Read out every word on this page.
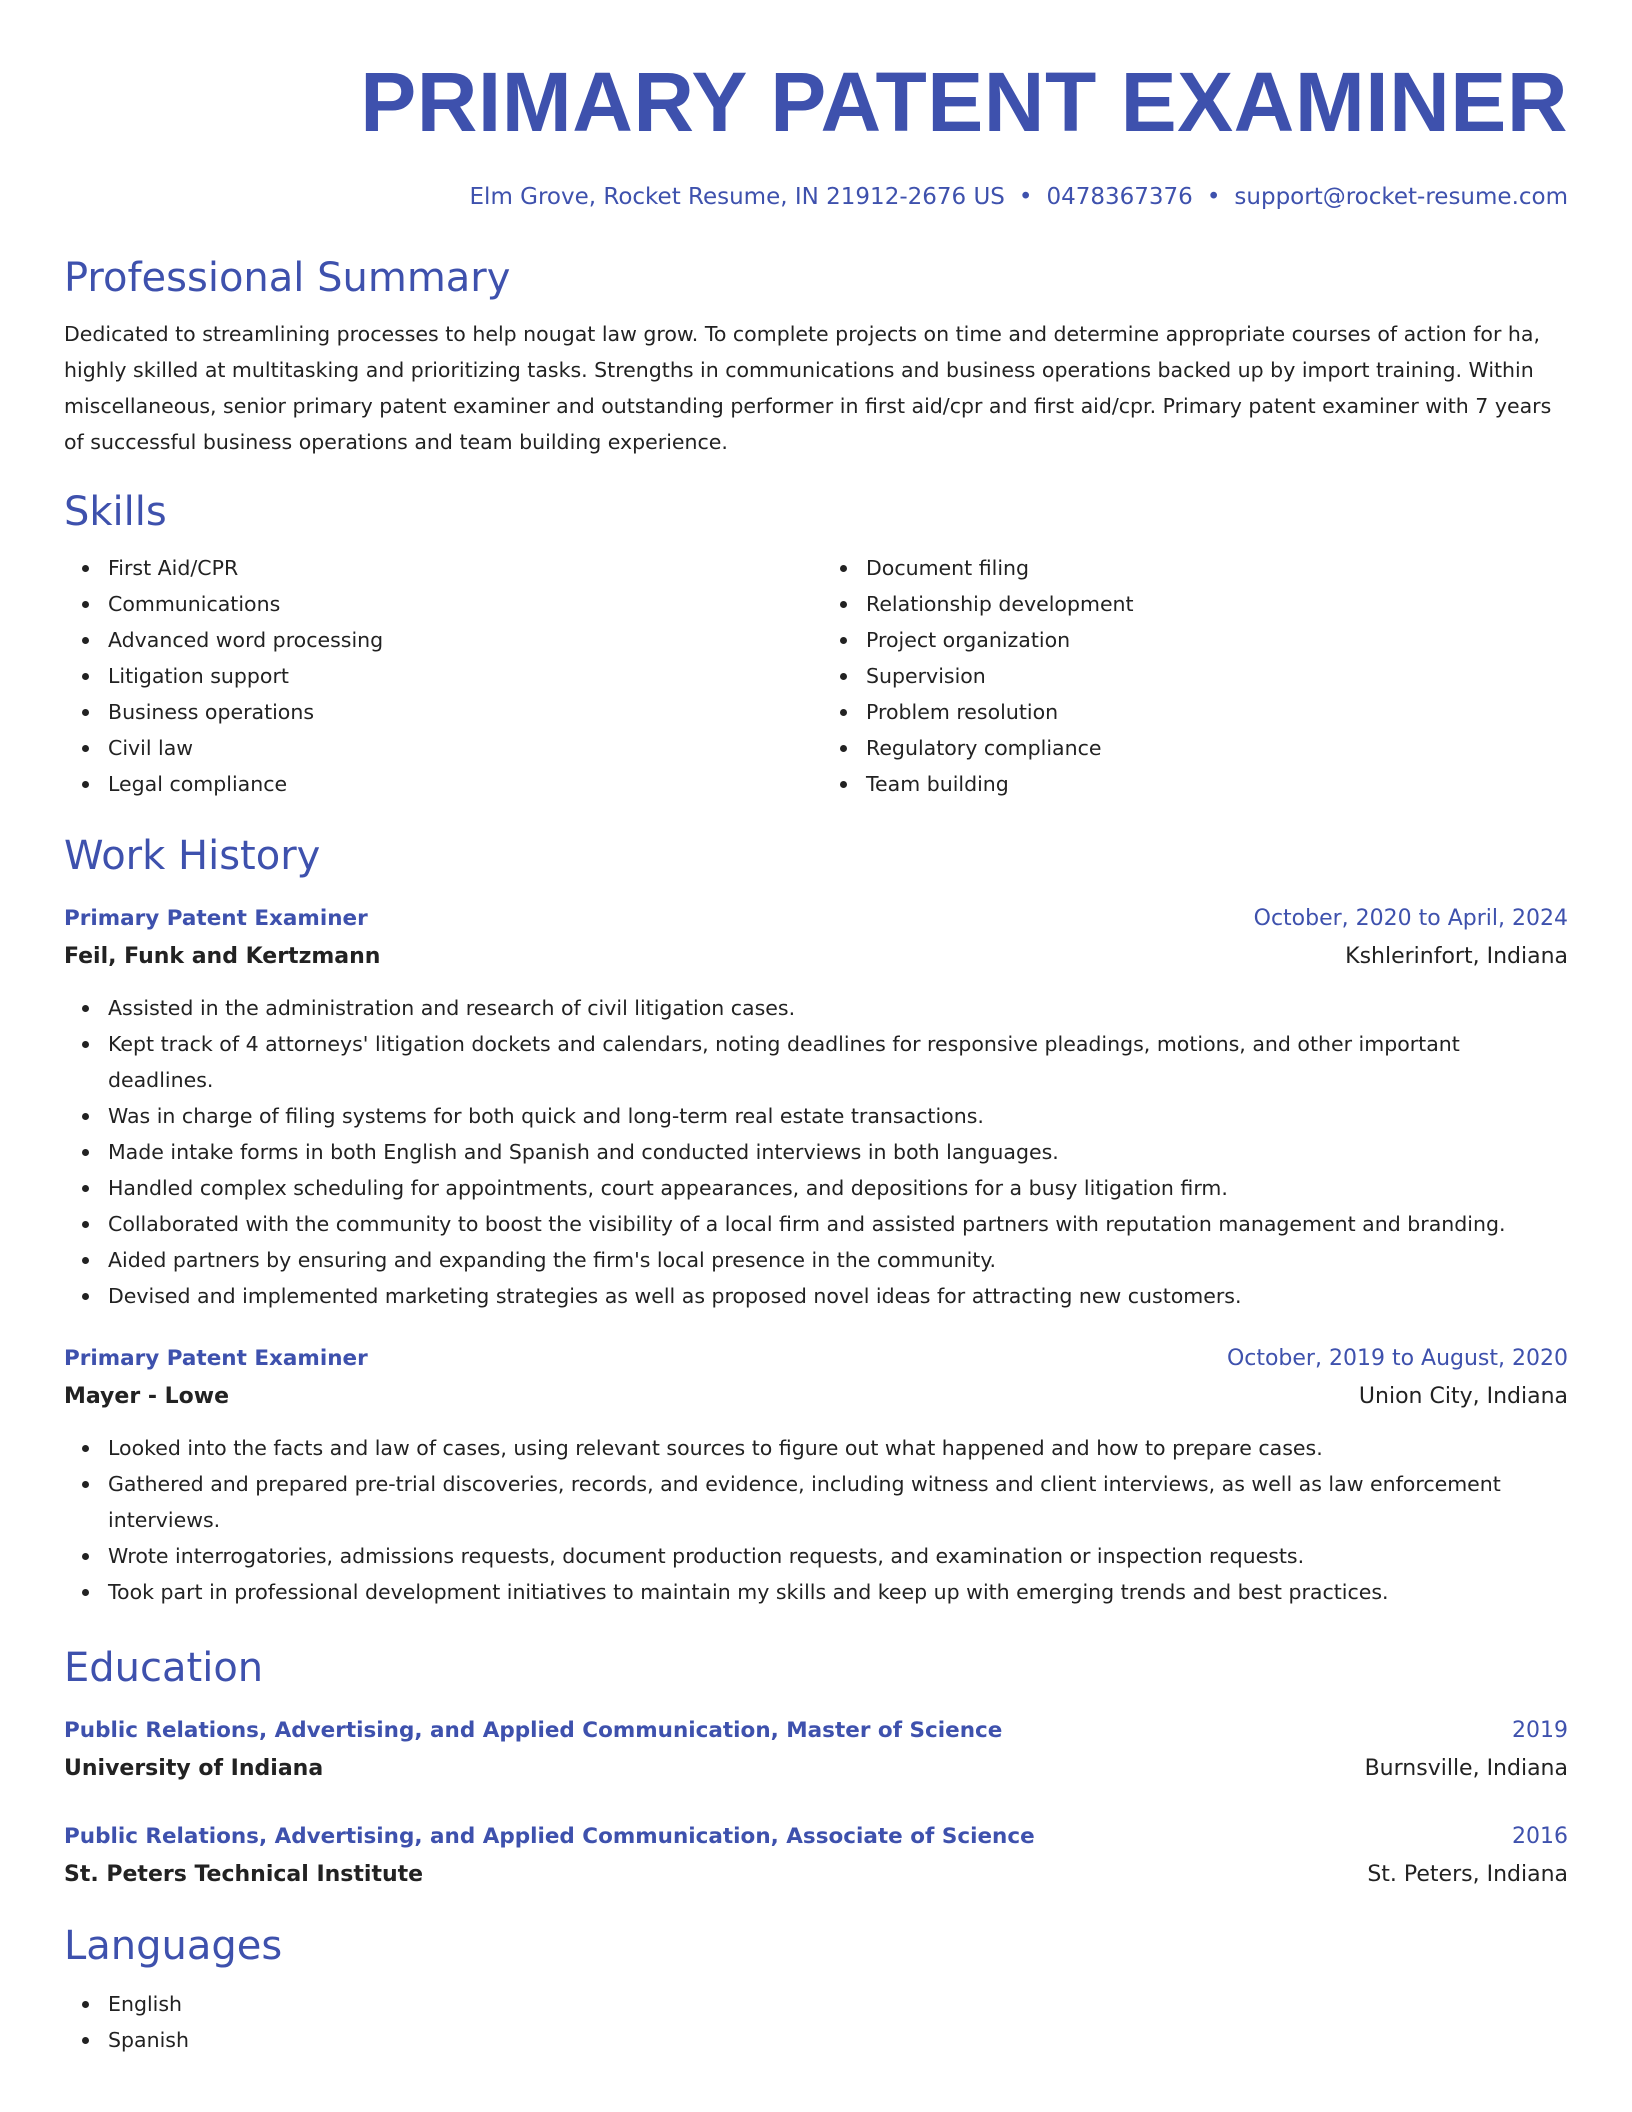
PRIMARY PATENT EXAMINER
Elm Grove, Rocket Resume, IN 21912-2676 US • 0478367376 • support@rocket-resume.com
Professional Summary
Dedicated to streamlining processes to help nougat law grow. To complete projects on time and determine appropriate courses of action for ha, highly skilled at multitasking and prioritizing tasks. Strengths in communications and business operations backed up by import training. Within miscellaneous, senior primary patent examiner and outstanding performer in first aid/cpr and first aid/cpr. Primary patent examiner with 7 years of successful business operations and team building experience.
Skills
First Aid/CPR
Communications
Advanced word processing
Litigation support
Business operations
Civil law
Legal compliance
Document filing
Relationship development
Project organization
Supervision
Problem resolution
Regulatory compliance
Team building
Work History
Primary Patent Examiner	October, 2020 to April, 2024
Feil, Funk and Kertzmann	Kshlerinfort, Indiana
Assisted in the administration and research of civil litigation cases.
Kept track of 4 attorneys' litigation dockets and calendars, noting deadlines for responsive pleadings, motions, and other important deadlines.
Was in charge of filing systems for both quick and long-term real estate transactions.
Made intake forms in both English and Spanish and conducted interviews in both languages.
Handled complex scheduling for appointments, court appearances, and depositions for a busy litigation firm.
Collaborated with the community to boost the visibility of a local firm and assisted partners with reputation management and branding.
Aided partners by ensuring and expanding the firm's local presence in the community.
Devised and implemented marketing strategies as well as proposed novel ideas for attracting new customers.
Primary Patent Examiner	October, 2019 to August, 2020
Mayer - Lowe	Union City, Indiana
Looked into the facts and law of cases, using relevant sources to figure out what happened and how to prepare cases.
Gathered and prepared pre-trial discoveries, records, and evidence, including witness and client interviews, as well as law enforcement interviews.
Wrote interrogatories, admissions requests, document production requests, and examination or inspection requests.
Took part in professional development initiatives to maintain my skills and keep up with emerging trends and best practices.
Education
Public Relations, Advertising, and Applied Communication, Master of Science	2019
University of Indiana	Burnsville, Indiana
Public Relations, Advertising, and Applied Communication, Associate of Science	2016
St. Peters Technical Institute	St. Peters, Indiana
Languages
English
Spanish
